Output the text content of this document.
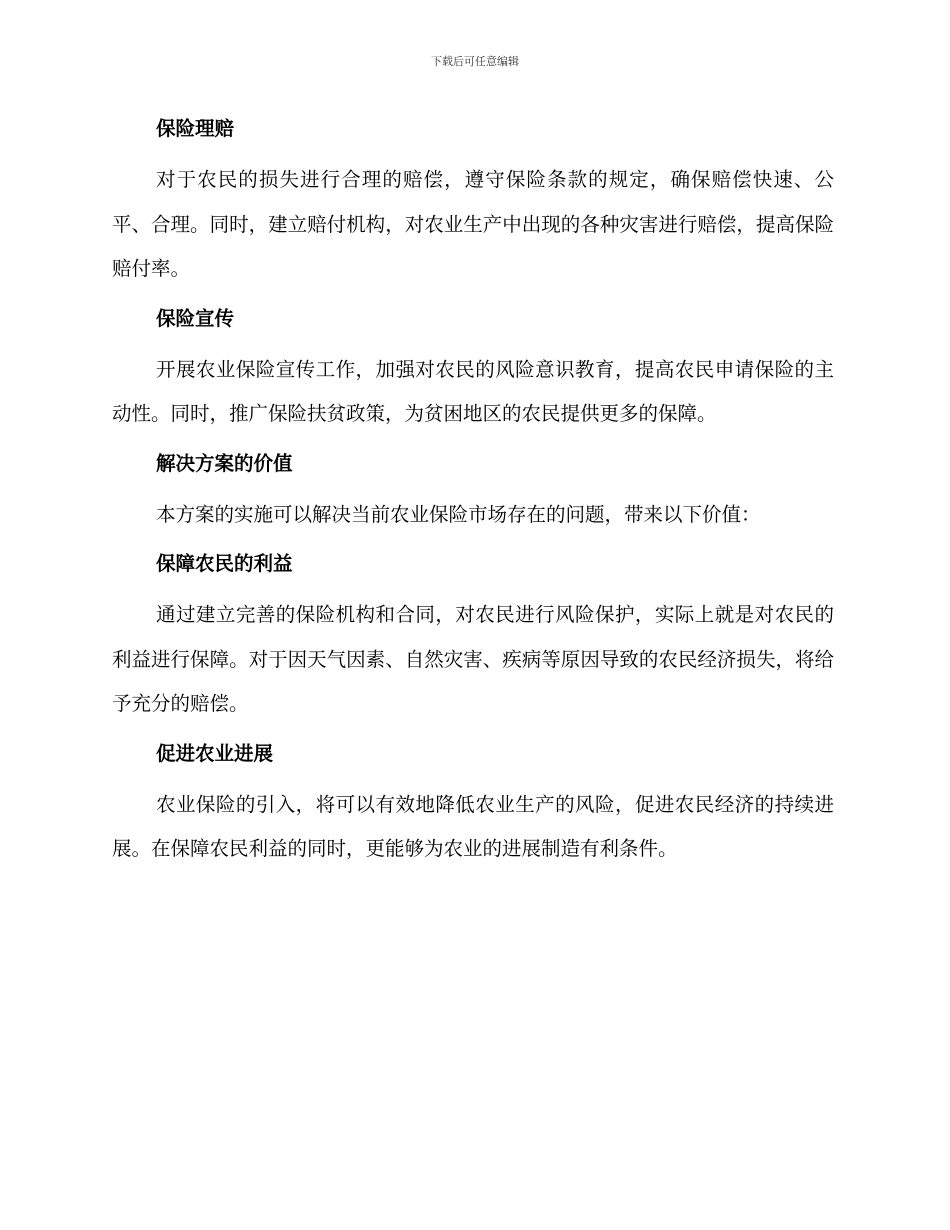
下载后可任意编辑
保险理赔

对于农民的损失进行合理的赔偿，遵守保险条款的规定，确保赔偿快速、公平、合理。同时，建立赔付机构，对农业生产中出现的各种灾害进行赔偿，提高保险赔付率。

保险宣传

开展农业保险宣传工作，加强对农民的风险意识教育，提高农民申请保险的主动性。同时，推广保险扶贫政策，为贫困地区的农民提供更多的保障。

解决方案的价值

本方案的实施可以解决当前农业保险市场存在的问题，带来以下价值：

保障农民的利益

通过建立完善的保险机构和合同，对农民进行风险保护，实际上就是对农民的利益进行保障。对于因天气因素、自然灾害、疾病等原因导致的农民经济损失，将给予充分的赔偿。

促进农业进展

农业保险的引入，将可以有效地降低农业生产的风险，促进农民经济的持续进展。在保障农民利益的同时，更能够为农业的进展制造有利条件。
